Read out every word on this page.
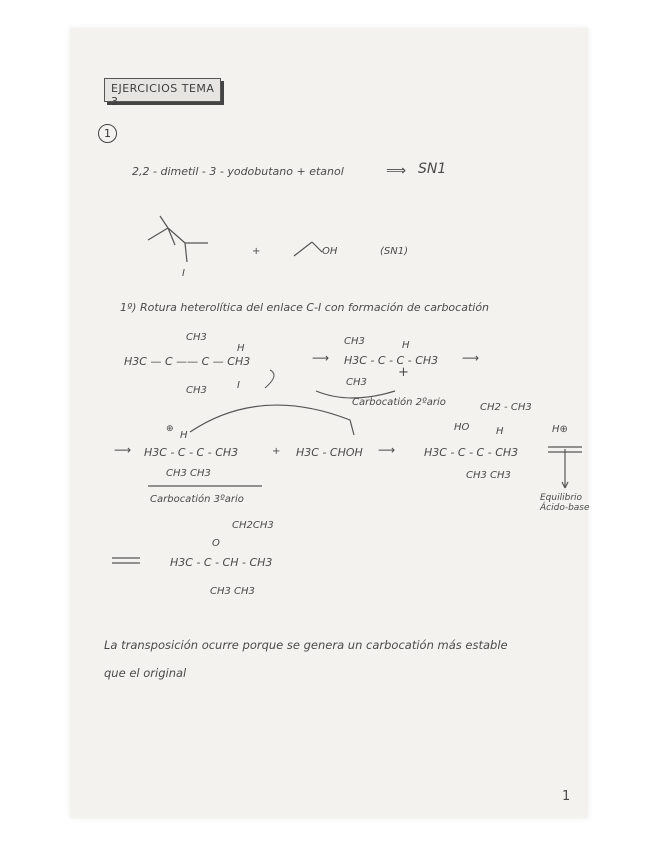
EJERCICIOS TEMA 3
1
2,2 - dimetil - 3 - yodobutano + etanol	⟹ SN1
I
+	OH	(SN1)
1º) Rotura heterolítica del enlace C-I con formación de carbocatión
CH3
H
H3C — C —— C — CH3
CH3	I
⟶
CH3	H
H3C - C - C - CH3
+
CH3
Carbocatión 2ºario
⟶
⟶
H
⊕
H3C - C - C - CH3
CH3 CH3
Carbocatión 3ºario
+ H3C - CHOH ⟶
CH2 - CH3
HO	H
H3C - C - C - CH3
CH3 CH3
H⊕
Equilibrio Ácido-base
CH2CH3
O
H3C - C - CH - CH3
CH3 CH3
La transposición ocurre porque se genera un carbocatión más estable
que el original
1
